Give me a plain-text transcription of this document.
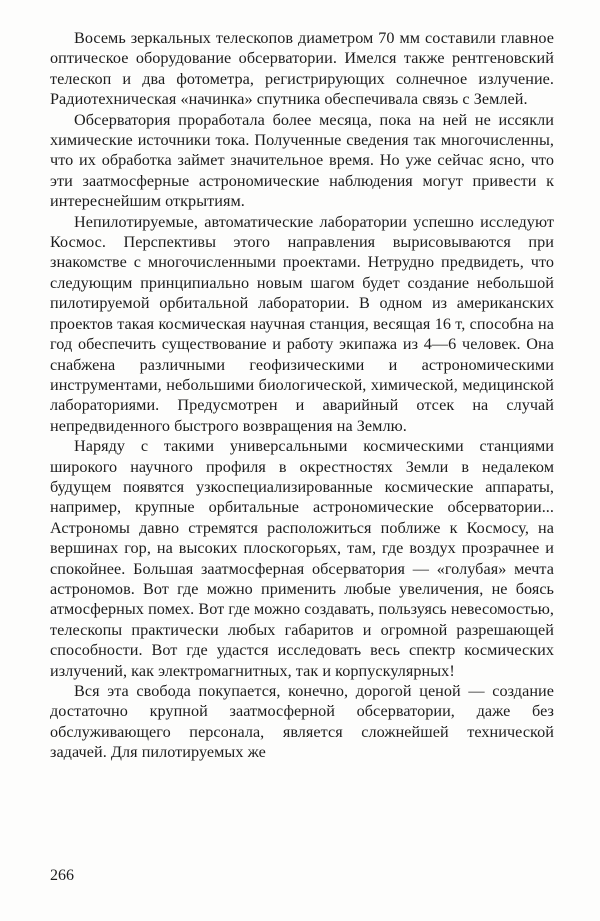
Восемь зеркальных телескопов диаметром 70 мм составили главное оптическое оборудование обсерватории. Имелся также рентгеновский телескоп и два фотометра, регистрирующих солнечное излучение. Радиотехническая «начинка» спутника обеспечивала связь с Землей.

Обсерватория проработала более месяца, пока на ней не иссякли химические источники тока. Полученные сведения так многочисленны, что их обработка займет значительное время. Но уже сейчас ясно, что эти заатмосферные астрономические наблюдения могут привести к интереснейшим открытиям.

Непилотируемые, автоматические лаборатории успешно исследуют Космос. Перспективы этого направления вырисовываются при знакомстве с многочисленными проектами. Нетрудно предвидеть, что следующим принципиально новым шагом будет создание небольшой пилотируемой орбитальной лаборатории. В одном из американских проектов такая космическая научная станция, весящая 16 т, способна на год обеспечить существование и работу экипажа из 4—6 человек. Она снабжена различными геофизическими и астрономическими инструментами, небольшими биологической, химической, медицинской лабораториями. Предусмотрен и аварийный отсек на случай непредвиденного быстрого возвращения на Землю.

Наряду с такими универсальными космическими станциями широкого научного профиля в окрестностях Земли в недалеком будущем появятся узкоспециализированные космические аппараты, например, крупные орбитальные астрономические обсерватории... Астрономы давно стремятся расположиться поближе к Космосу, на вершинах гор, на высоких плоскогорьях, там, где воздух прозрачнее и спокойнее. Большая заатмосферная обсерватория — «голубая» мечта астрономов. Вот где можно применить любые увеличения, не боясь атмосферных помех. Вот где можно создавать, пользуясь невесомостью, телескопы практически любых габаритов и огромной разрешающей способности. Вот где удастся исследовать весь спектр космических излучений, как электромагнитных, так и корпускулярных!

Вся эта свобода покупается, конечно, дорогой ценой — создание достаточно крупной заатмосферной обсерватории, даже без обслуживающего персонала, является сложнейшей технической задачей. Для пилотируемых же

266
